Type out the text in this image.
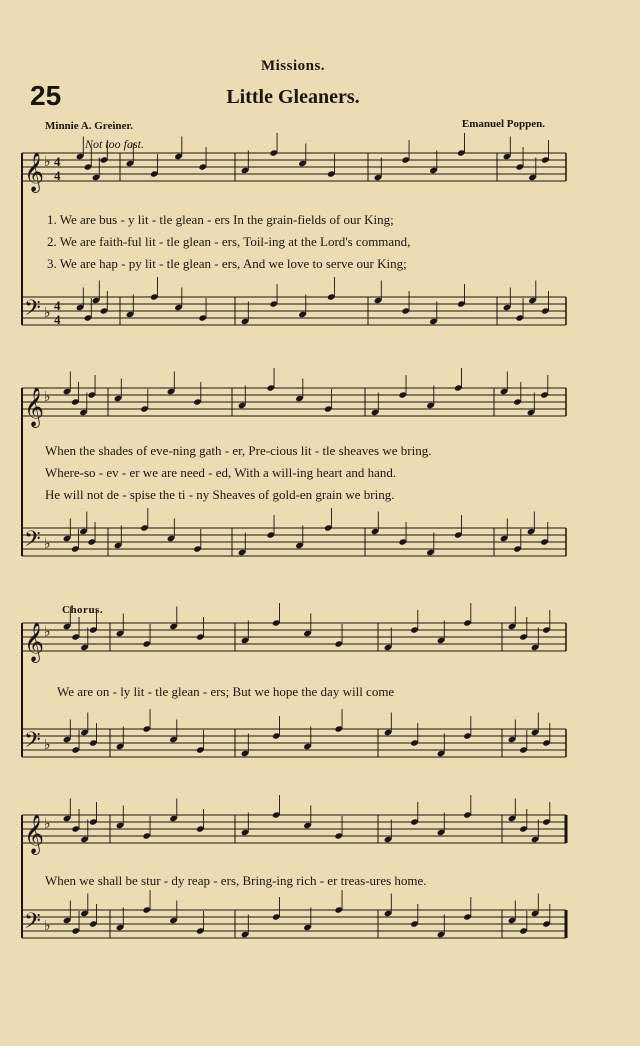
Missions.
25	Little Gleaners.
Minnie A. Greiner.	Emanuel Poppen.
Not too fast.
Chorus.
𝄞 ♭ 4
4
𝄢 ♭ 4
4
𝄞 ♭
𝄢 ♭
𝄞 ♭
𝄢 ♭
𝄞 ♭
𝄢 ♭
1. We are bus - y lit - tle glean - ers In the grain-fields of our King;
2. We are faith-ful lit - tle glean - ers, Toil-ing at the Lord's command,
3. We are hap - py lit - tle glean - ers, And we love to serve our King;
When the shades of eve-ning gath - er, Pre-cious lit - tle sheaves we bring.
Where-so - ev - er we are need - ed, With a will-ing heart and hand.
He will not de - spise the ti - ny Sheaves of gold-en grain we bring.
We are on - ly lit - tle glean - ers; But we hope the day will come
When we shall be stur - dy reap - ers, Bring-ing rich - er treas-ures home.
